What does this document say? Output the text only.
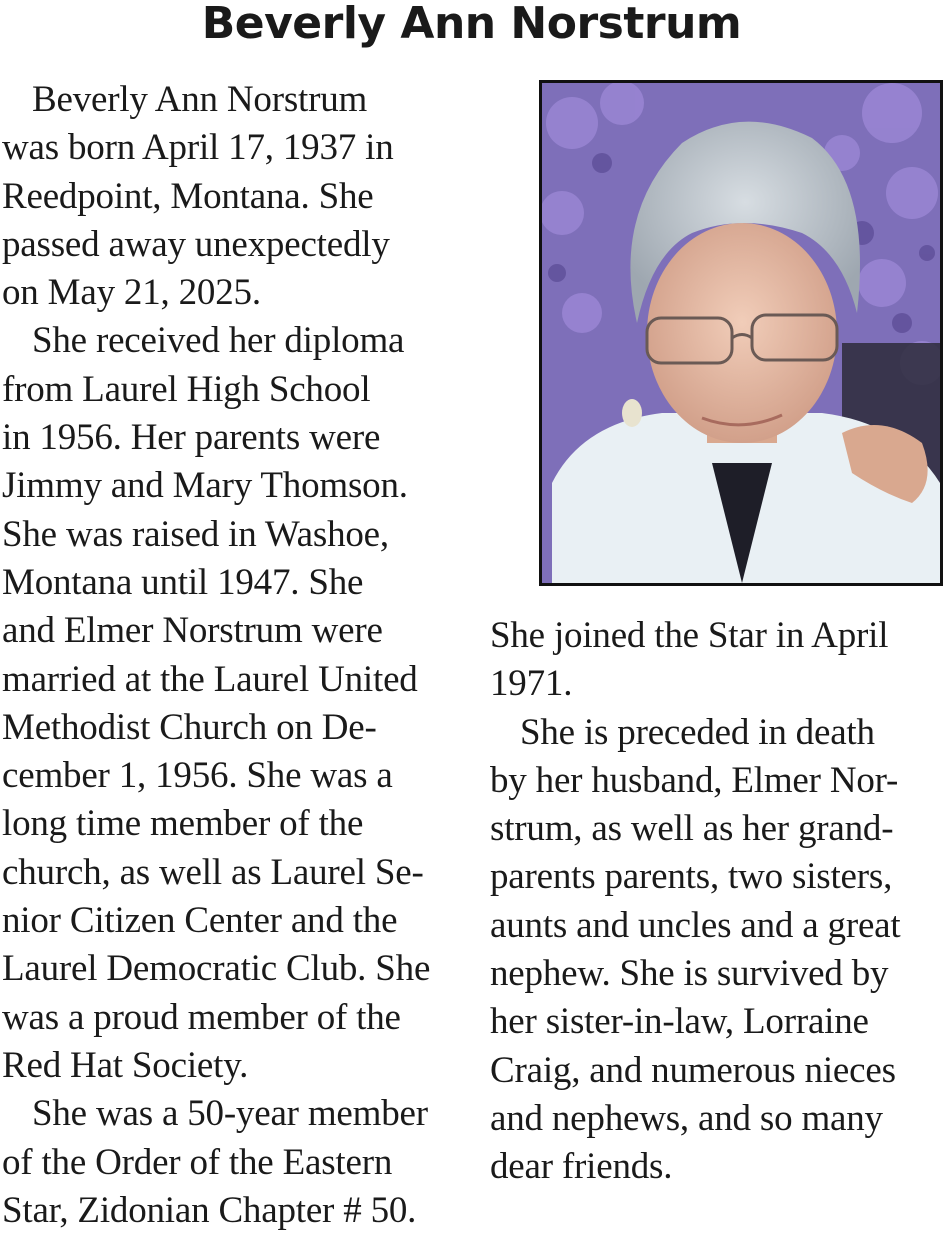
Beverly Ann Norstrum
Beverly Ann Norstrum
was born April 17, 1937 in
Reedpoint, Montana. She
passed away unexpectedly
on May 21, 2025.
She received her diploma
from Laurel High School
in 1956. Her parents were
Jimmy and Mary Thomson.
She was raised in Washoe,
Montana until 1947. She
and Elmer Norstrum were
married at the Laurel United
Methodist Church on De-
cember 1, 1956. She was a
long time member of the
church, as well as Laurel Se-
nior Citizen Center and the
Laurel Democratic Club. She
was a proud member of the
Red Hat Society.
She was a 50-year member
of the Order of the Eastern
Star, Zidonian Chapter # 50.
She joined the Star in April
1971.
She is preceded in death
by her husband, Elmer Nor-
strum, as well as her grand-
parents parents, two sisters,
aunts and uncles and a great
nephew. She is survived by
her sister-in-law, Lorraine
Craig, and numerous nieces
and nephews, and so many
dear friends.
